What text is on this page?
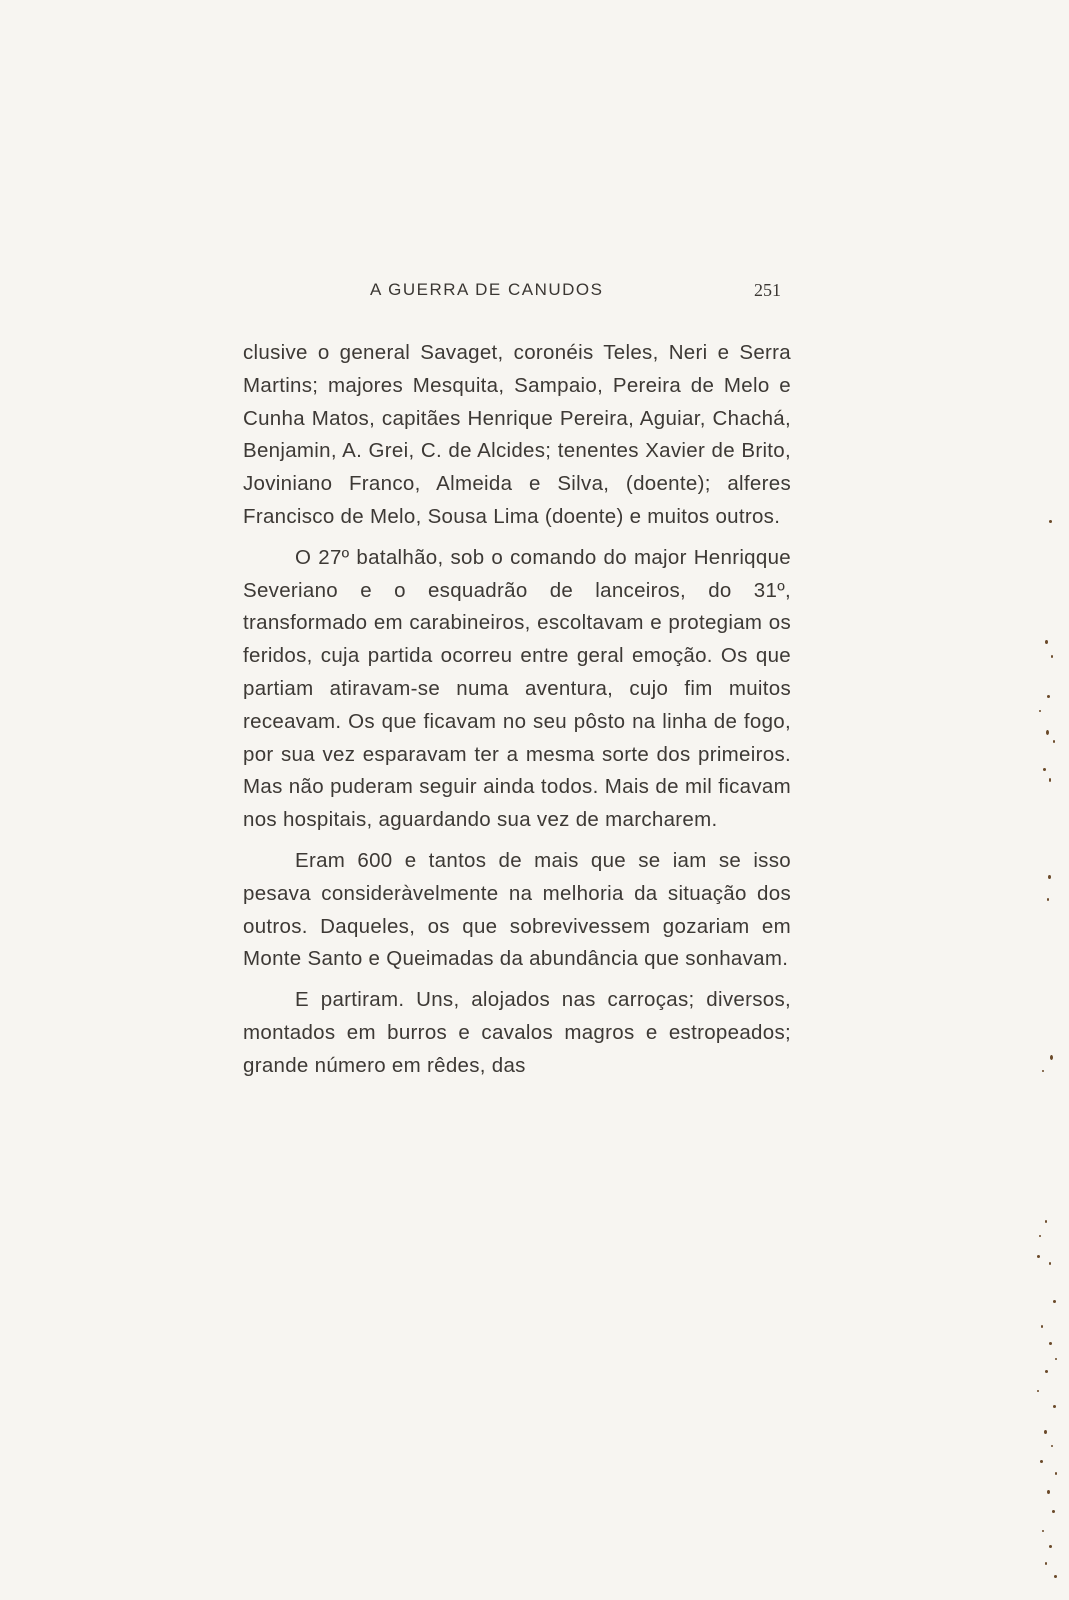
A GUERRA DE CANUDOS	251

clusive o general Savaget, coronéis Teles, Neri e Serra Martins; majores Mesquita, Sampaio, Pereira de Melo e Cunha Matos, capitães Henrique Pereira, Aguiar, Chachá, Benjamin, A. Grei, C. de Alcides; tenentes Xavier de Brito, Joviniano Franco, Almeida e Silva, (doente); alferes Francisco de Melo, Sousa Lima (doente) e muitos outros.

O 27º batalhão, sob o comando do major Henriqque Severiano e o esquadrão de lanceiros, do 31º, transformado em carabineiros, escoltavam e protegiam os feridos, cuja partida ocorreu entre geral emoção. Os que partiam atiravam-se numa aventura, cujo fim muitos receavam. Os que ficavam no seu pôsto na linha de fogo, por sua vez esparavam ter a mesma sorte dos primeiros. Mas não puderam seguir ainda todos. Mais de mil ficavam nos hospitais, aguardando sua vez de marcharem.

Eram 600 e tantos de mais que se iam se isso pesava consideràvelmente na melhoria da situação dos outros. Daqueles, os que sobrevivessem gozariam em Monte Santo e Queimadas da abundância que sonhavam.

E partiram. Uns, alojados nas carroças; diversos, montados em burros e cavalos magros e estropeados; grande número em rêdes, das
